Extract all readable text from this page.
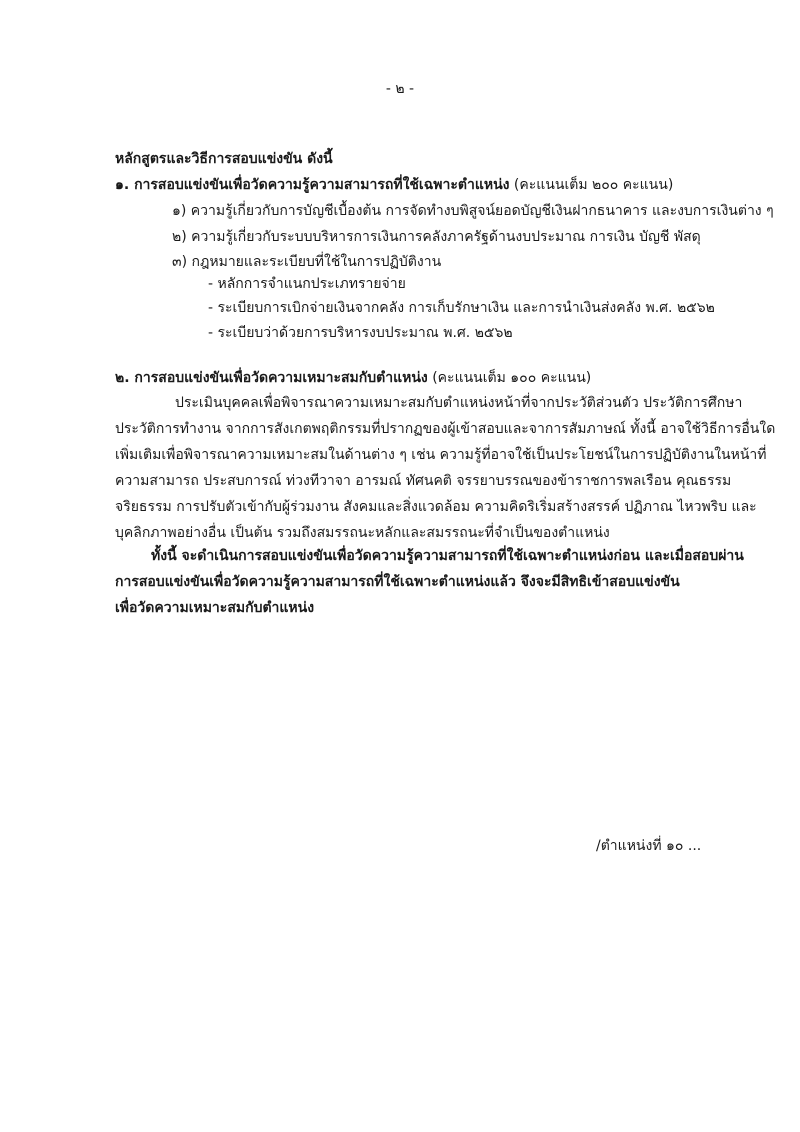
- ๒ -
หลักสูตรและวิธีการสอบแข่งขัน ดังนี้
๑. การสอบแข่งขันเพื่อวัดความรู้ความสามารถที่ใช้เฉพาะตำแหน่ง (คะแนนเต็ม ๒๐๐ คะแนน)
๑) ความรู้เกี่ยวกับการบัญชีเบื้องต้น การจัดทำงบพิสูจน์ยอดบัญชีเงินฝากธนาคาร และงบการเงินต่าง ๆ
๒) ความรู้เกี่ยวกับระบบบริหารการเงินการคลังภาครัฐด้านงบประมาณ การเงิน บัญชี พัสดุ
๓) กฎหมายและระเบียบที่ใช้ในการปฏิบัติงาน
- หลักการจำแนกประเภทรายจ่าย
- ระเบียบการเบิกจ่ายเงินจากคลัง การเก็บรักษาเงิน และการนำเงินส่งคลัง พ.ศ. ๒๕๖๒
- ระเบียบว่าด้วยการบริหารงบประมาณ พ.ศ. ๒๕๖๒
๒. การสอบแข่งขันเพื่อวัดความเหมาะสมกับตำแหน่ง (คะแนนเต็ม ๑๐๐ คะแนน)
ประเมินบุคคลเพื่อพิจารณาความเหมาะสมกับตำแหน่งหน้าที่จากประวัติส่วนตัว ประวัติการศึกษา
ประวัติการทำงาน จากการสังเกตพฤติกรรมที่ปรากฏของผู้เข้าสอบและจาการสัมภาษณ์ ทั้งนี้ อาจใช้วิธีการอื่นใด
เพิ่มเติมเพื่อพิจารณาความเหมาะสมในด้านต่าง ๆ เช่น ความรู้ที่อาจใช้เป็นประโยชน์ในการปฏิบัติงานในหน้าที่
ความสามารถ ประสบการณ์ ท่วงทีวาจา อารมณ์ ทัศนคติ จรรยาบรรณของข้าราชการพลเรือน คุณธรรม
จริยธรรม การปรับตัวเข้ากับผู้ร่วมงาน สังคมและสิ่งแวดล้อม ความคิดริเริ่มสร้างสรรค์ ปฏิภาณ ไหวพริบ และ
บุคลิกภาพอย่างอื่น เป็นต้น รวมถึงสมรรถนะหลักและสมรรถนะที่จำเป็นของตำแหน่ง
ทั้งนี้ จะดำเนินการสอบแข่งขันเพื่อวัดความรู้ความสามารถที่ใช้เฉพาะตำแหน่งก่อน และเมื่อสอบผ่าน
การสอบแข่งขันเพื่อวัดความรู้ความสามารถที่ใช้เฉพาะตำแหน่งแล้ว จึงจะมีสิทธิเข้าสอบแข่งขัน
เพื่อวัดความเหมาะสมกับตำแหน่ง
/ตำแหน่งที่ ๑๐ ...
